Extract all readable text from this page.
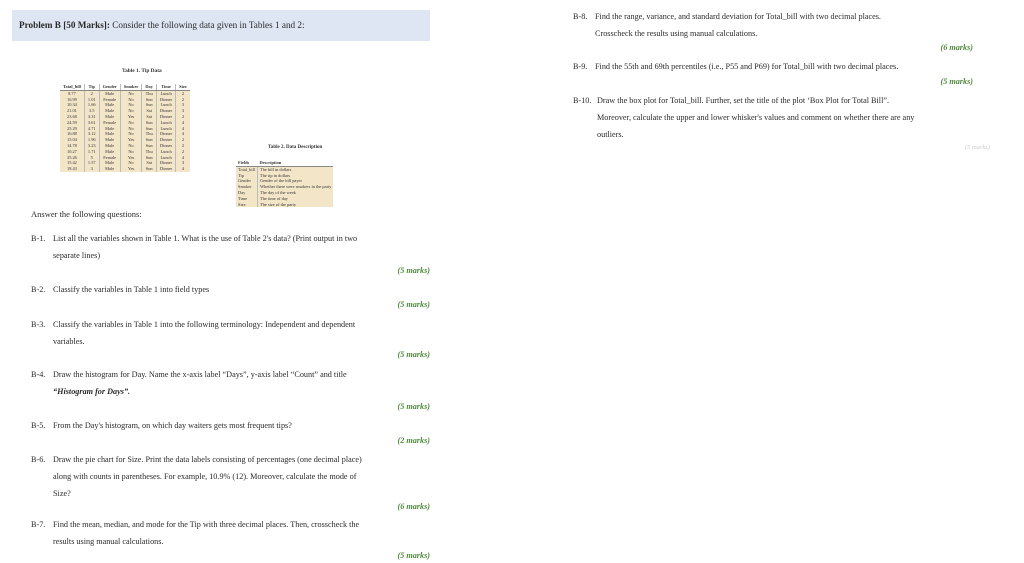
Problem B [50 Marks]: Consider the following data given in Tables 1 and 2:
Table 1. Tip Data
Total_bill	Tip	Gender	Smoker	Day	Time	Size
8.77	2	Male	No	Thu	Lunch	2
16.99	1.01	Female	No	Sun	Dinner	2
10.34	1.66	Male	No	Sun	Lunch	3
21.01	3.5	Male	No	Sat	Dinner	3
23.68	3.31	Male	Yes	Sat	Dinner	2
24.59	3.61	Female	No	Sun	Lunch	4
25.29	4.71	Male	No	Sun	Lunch	4
16.88	3.12	Male	No	Thu	Dinner	4
15.04	1.96	Male	Yes	Sun	Dinner	2
14.78	3.23	Male	No	Sun	Dinner	2
10.27	1.71	Male	No	Thu	Lunch	2
35.26	5	Female	Yes	Sun	Lunch	4
15.42	1.57	Male	No	Sat	Dinner	3
18.43	3	Male	Yes	Sun	Dinner	4
Table 2. Data Description
Fields	Description
Total_bill	The bill in dollars
Tip	The tip in dollars
Gender	Gender of the bill payer
Smoker	Whether there were smokers in the party
Day	The day of the week
Time	The time of day
Size	The size of the party
Answer the following questions:
B-1. List all the variables shown in Table 1. What is the use of Table 2's data? (Print output in two
separate lines)
(5 marks)
B-2. Classify the variables in Table 1 into field types
(5 marks)
B-3. Classify the variables in Table 1 into the following terminology: Independent and dependent
variables.
(5 marks)
B-4. Draw the histogram for Day. Name the x-axis label “Days”, y-axis label “Count” and title
“Histogram for Days”.
(5 marks)
B-5. From the Day's histogram, on which day waiters gets most frequent tips?
(2 marks)
B-6. Draw the pie chart for Size. Print the data labels consisting of percentages (one decimal place)
along with counts in parentheses. For example, 10.9% (12). Moreover, calculate the mode of
Size?
(6 marks)
B-7. Find the mean, median, and mode for the Tip with three decimal places. Then, crosscheck the
results using manual calculations.
(5 marks)
B-8. Find the range, variance, and standard deviation for Total_bill with two decimal places.
Crosscheck the results using manual calculations.
(6 marks)
B-9. Find the 55th and 69th percentiles (i.e., P55 and P69) for Total_bill with two decimal places.
(5 marks)
B-10. Draw the box plot for Total_bill. Further, set the title of the plot ‘Box Plot for Total Bill”.
Moreover, calculate the upper and lower whisker's values and comment on whether there are any
outliers.
(5 marks)
